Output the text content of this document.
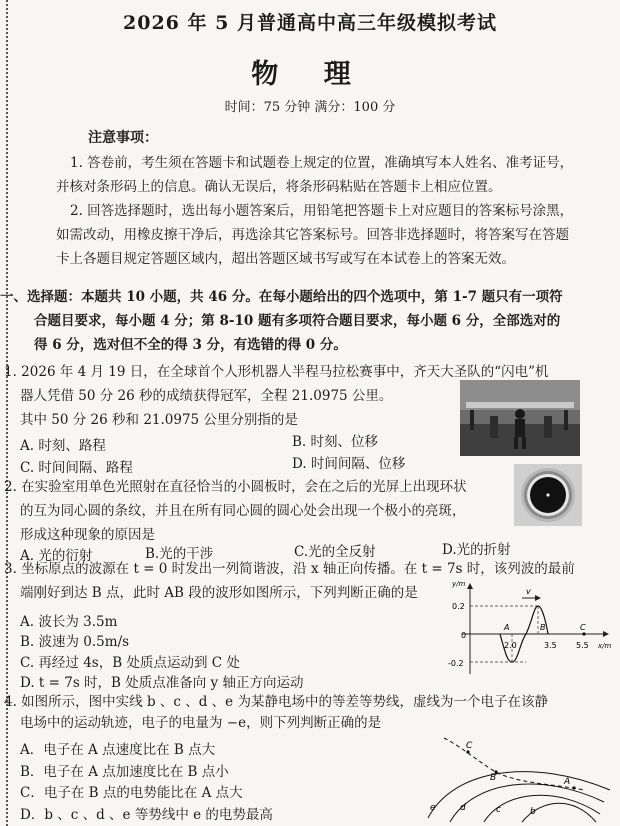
2026 年 5 月普通高中高三年级模拟考试
物 理
时间：75 分钟 满分：100 分
注意事项：
1. 答卷前，考生须在答题卡和试题卷上规定的位置，准确填写本人姓名、准考证号，
并核对条形码上的信息。确认无误后，将条形码粘贴在答题卡上相应位置。
2. 回答选择题时，选出每小题答案后，用铅笔把答题卡上对应题目的答案标号涂黑，
如需改动，用橡皮擦干净后，再选涂其它答案标号。回答非选择题时，将答案写在答题
卡上各题目规定答题区域内，超出答题区域书写或写在本试卷上的答案无效。
一、选择题：本题共 10 小题，共 46 分。在每小题给出的四个选项中，第 1-7 题只有一项符
合题目要求，每小题 4 分；第 8-10 题有多项符合题目要求，每小题 6 分，全部选对的
得 6 分，选对但不全的得 3 分，有选错的得 0 分。
1. 2026 年 4 月 19 日，在全球首个人形机器人半程马拉松赛事中，齐天大圣队的“闪电”机
器人凭借 50 分 26 秒的成绩获得冠军，全程 21.0975 公里。
其中 50 分 26 秒和 21.0975 公里分别指的是
A. 时刻、路程	B. 时刻、位移
C. 时间间隔、路程	D. 时间间隔、位移
2. 在实验室用单色光照射在直径恰当的小圆板时，会在之后的光屏上出现环状
的互为同心圆的条纹，并且在所有同心圆的圆心处会出现一个极小的亮斑，
形成这种现象的原因是
A. 光的衍射	B.光的干涉	C.光的全反射	D.光的折射
3. 坐标原点的波源在 t = 0 时发出一列简谐波，沿 x 轴正向传播。在 t = 7s 时，该列波的最前
端刚好到达 B 点，此时 AB 段的波形如图所示，下列判断正确的是
A. 波长为 3.5m
B. 波速为 0.5m/s
C. 再经过 4s，B 处质点运动到 C 处
D. t = 7s 时，B 处质点准备向 y 轴正方向运动
v
y/m
x/m
0
0.2
-0.2
2.0	3.5 5.5
A	B	C
4. 如图所示，图中实线 b 、c 、d 、e 为某静电场中的等差等势线，虚线为一个电子在该静
电场中的运动轨迹，电子的电量为 −e，则下列判断正确的是
A．电子在 A 点速度比在 B 点大
B．电子在 A 点加速度比在 B 点小
C．电子在 B 点的电势能比在 A 点大
D．b 、c 、d 、e 等势线中 e 的电势最高
C
B	A
e	d	c	b
